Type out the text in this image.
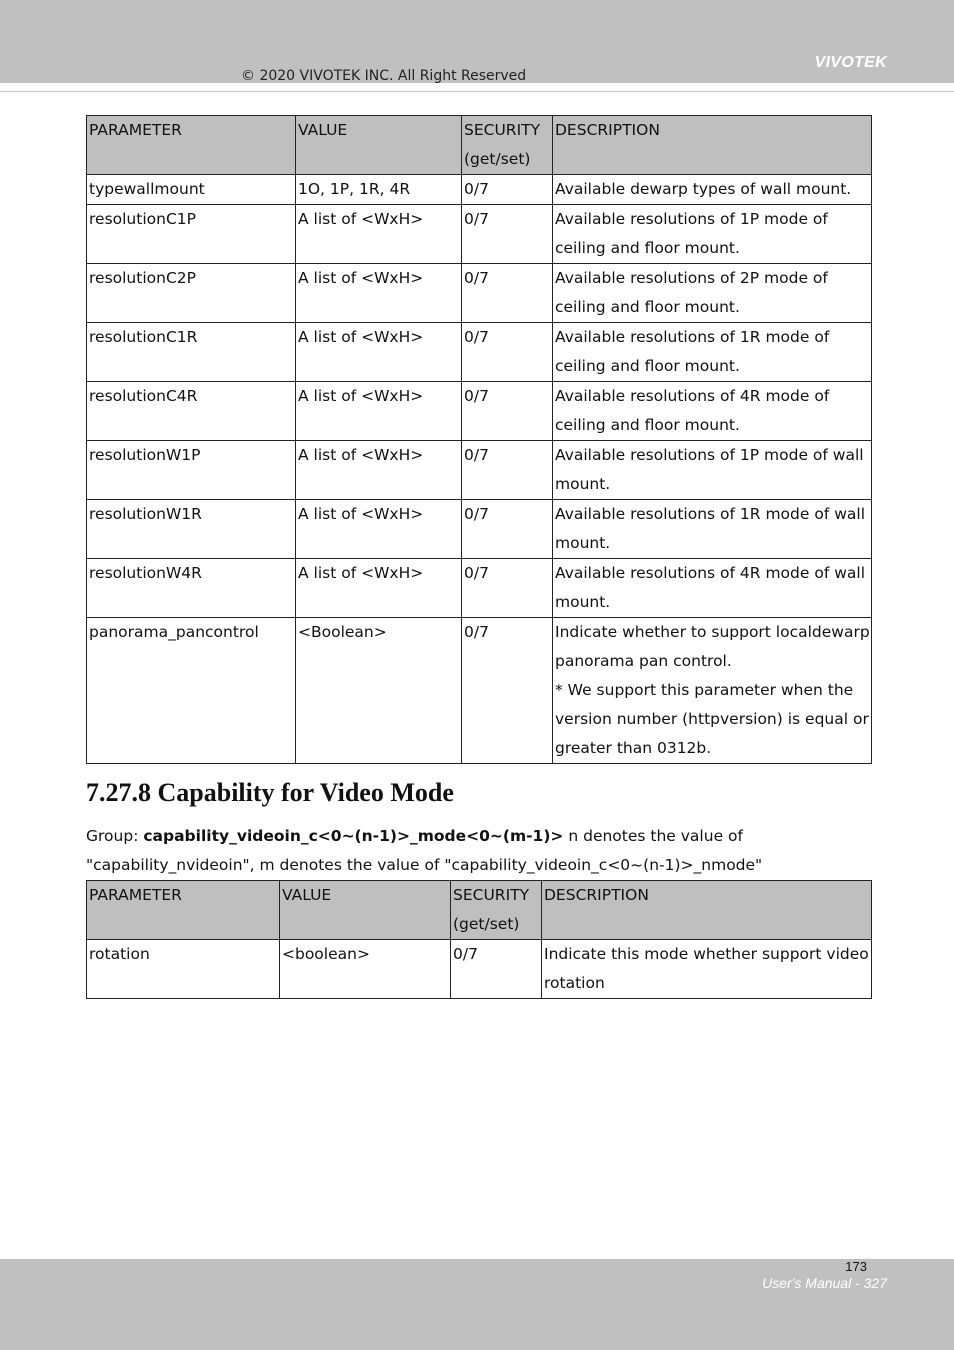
VIVOTEK
© 2020 VIVOTEK INC. All Right Reserved
PARAMETER	VALUE	SECURITY (get/set)	DESCRIPTION
typewallmount	1O, 1P, 1R, 4R	0/7	Available dewarp types of wall mount.
resolutionC1P	A list of <WxH>	0/7	Available resolutions of 1P mode of ceiling and floor mount.
resolutionC2P	A list of <WxH>	0/7	Available resolutions of 2P mode of ceiling and floor mount.
resolutionC1R	A list of <WxH>	0/7	Available resolutions of 1R mode of ceiling and floor mount.
resolutionC4R	A list of <WxH>	0/7	Available resolutions of 4R mode of ceiling and floor mount.
resolutionW1P	A list of <WxH>	0/7	Available resolutions of 1P mode of wall mount.
resolutionW1R	A list of <WxH>	0/7	Available resolutions of 1R mode of wall mount.
resolutionW4R	A list of <WxH>	0/7	Available resolutions of 4R mode of wall mount.
panorama_pancontrol	<Boolean>	0/7	Indicate whether to support localdewarp panorama pan control.
* We support this parameter when the version number (httpversion) is equal or greater than 0312b.
7.27.8 Capability for Video Mode
Group: capability_videoin_c<0~(n-1)>_mode<0~(m-1)> n denotes the value of "capability_nvideoin", m denotes the value of "capability_videoin_c<0~(n-1)>_nmode"
PARAMETER	VALUE	SECURITY (get/set)	DESCRIPTION
rotation	<boolean>	0/7	Indicate this mode whether support video rotation
173
User's Manual - 327
